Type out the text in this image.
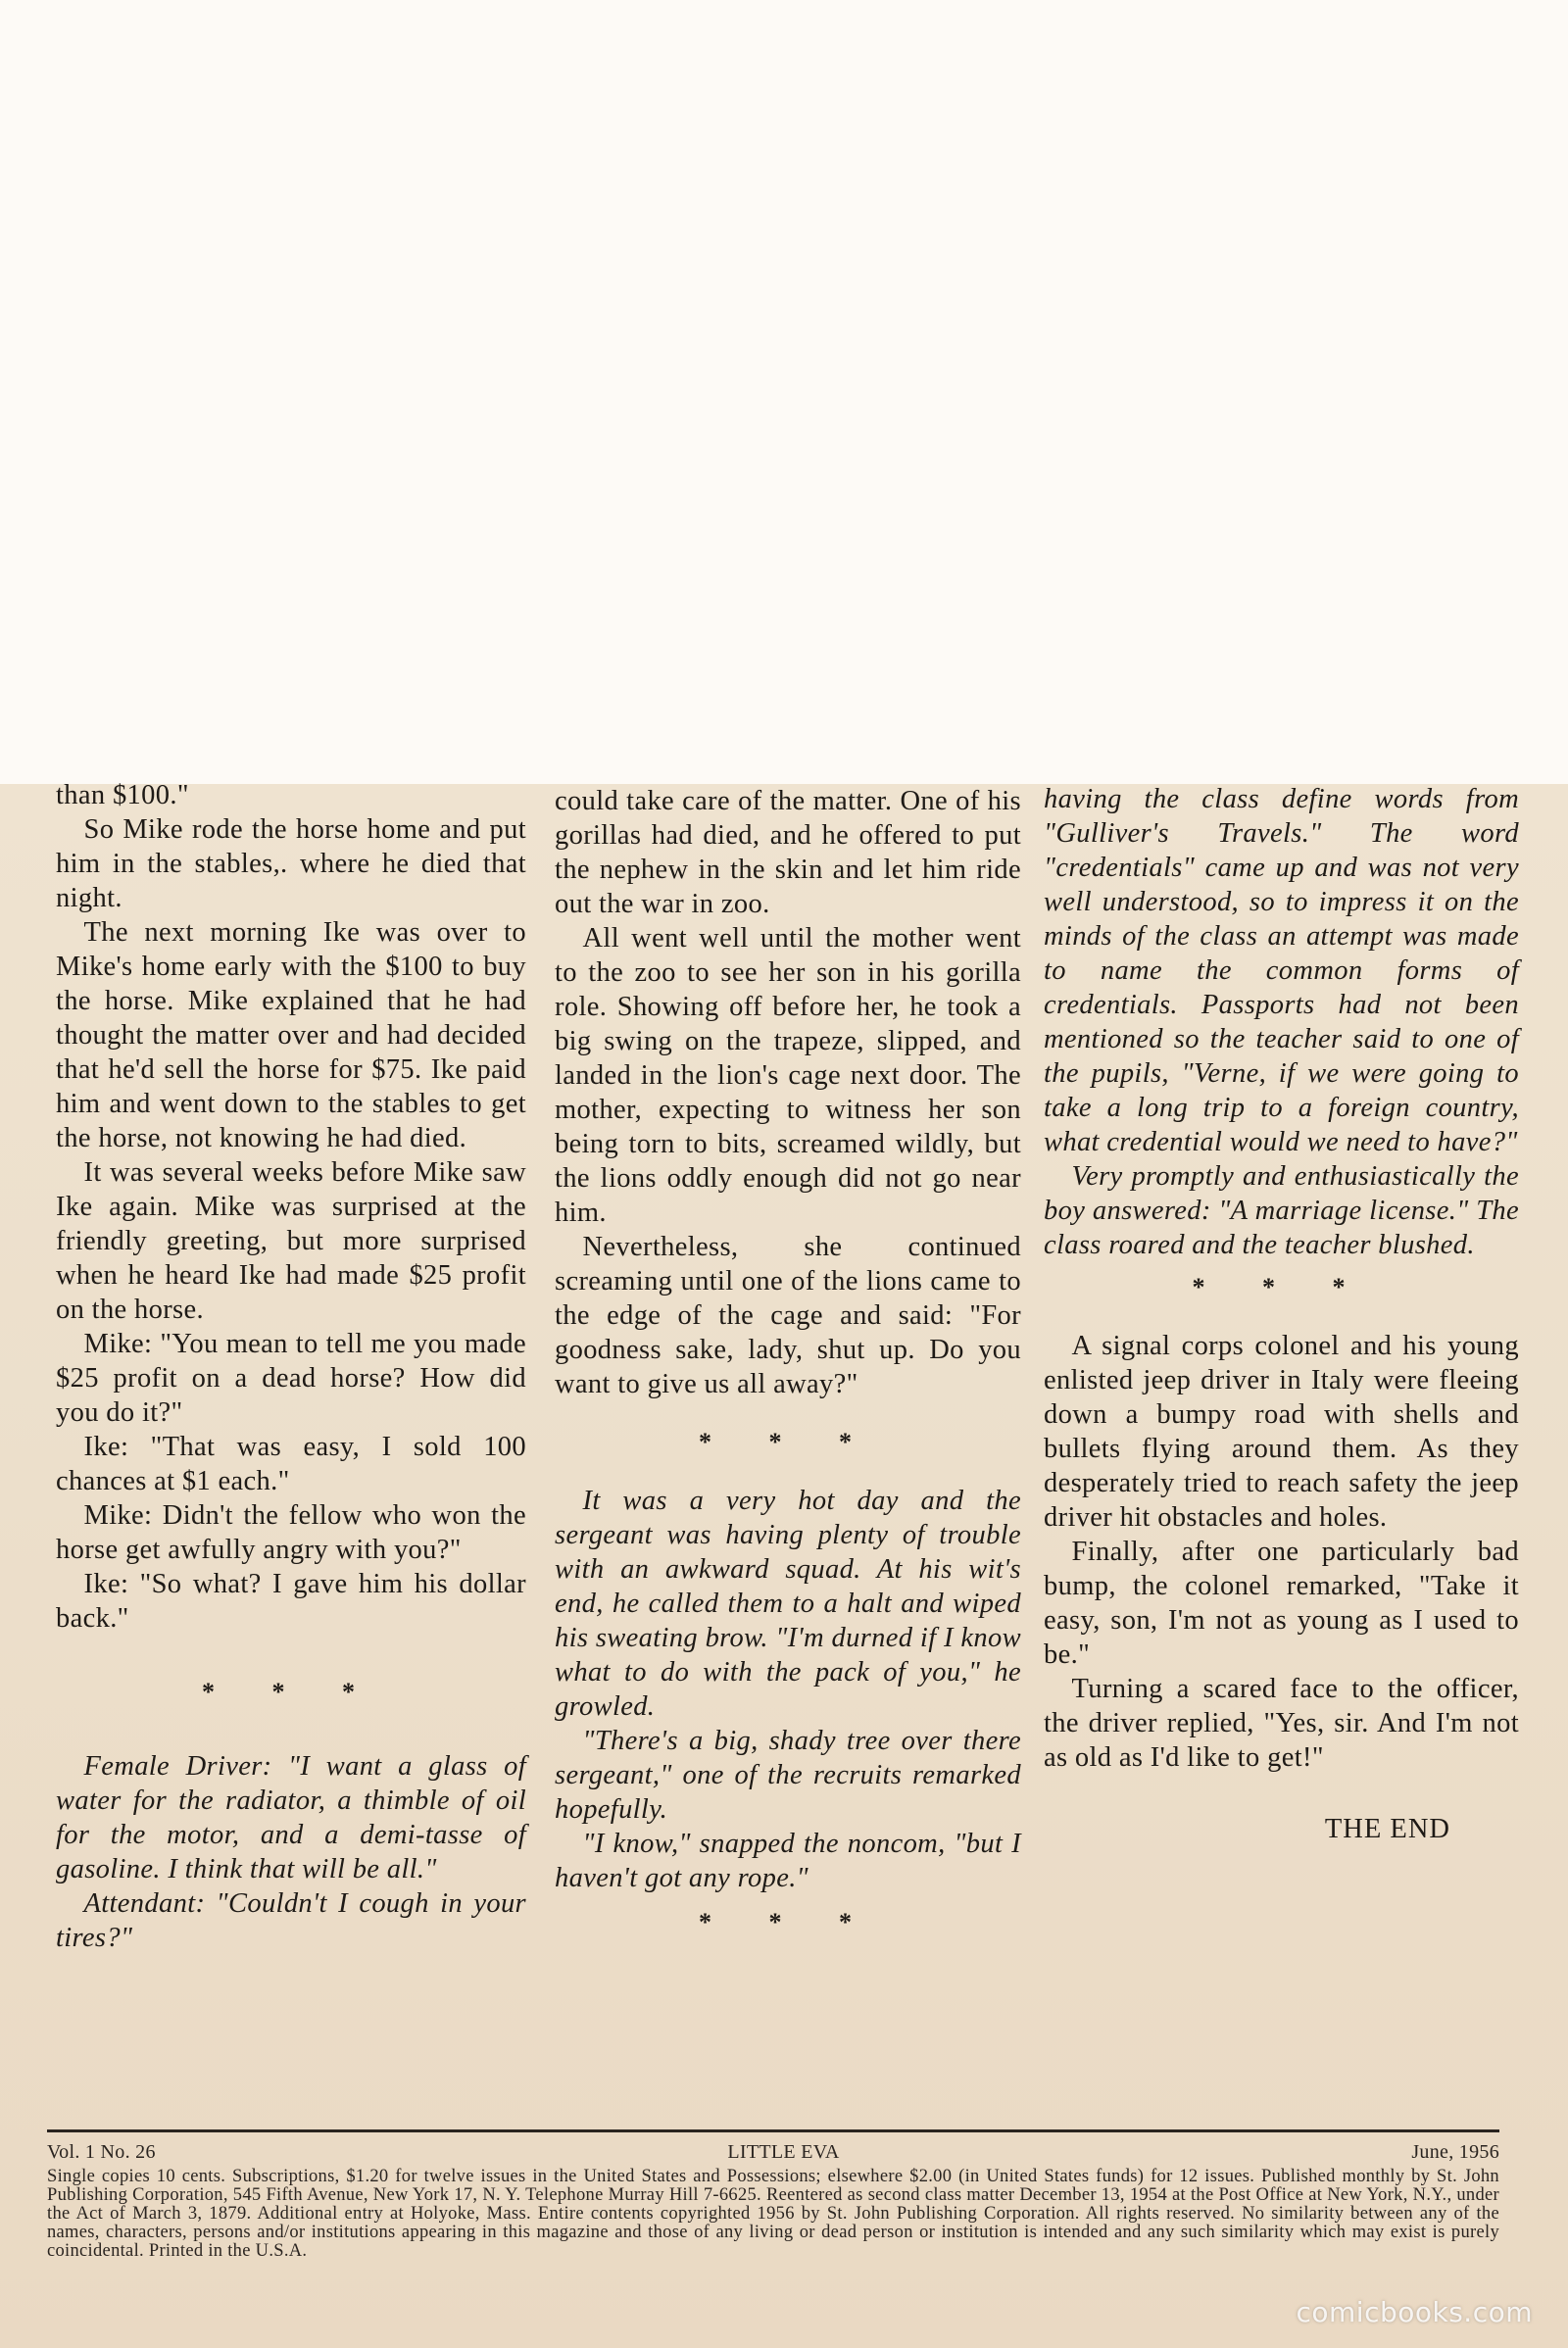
than $100."

So Mike rode the horse home and put him in the stables,. where he died that night.

The next morning Ike was over to Mike's home early with the $100 to buy the horse. Mike explained that he had thought the matter over and had decided that he'd sell the horse for $75. Ike paid him and went down to the stables to get the horse, not knowing he had died.

It was several weeks before Mike saw Ike again. Mike was surprised at the friendly greeting, but more surprised when he heard Ike had made $25 profit on the horse.

Mike: "You mean to tell me you made $25 profit on a dead horse? How did you do it?"

Ike: "That was easy, I sold 100 chances at $1 each."

Mike: Didn't the fellow who won the horse get awfully angry with you?"

Ike: "So what? I gave him his dollar back."

* * *

Female Driver: "I want a glass of water for the radiator, a thimble of oil for the motor, and a demi-tasse of gasoline. I think that will be all."

Attendant: "Couldn't I cough in your tires?"

could take care of the matter. One of his gorillas had died, and he offered to put the nephew in the skin and let him ride out the war in zoo.

All went well until the mother went to the zoo to see her son in his gorilla role. Showing off before her, he took a big swing on the trapeze, slipped, and landed in the lion's cage next door. The mother, expecting to witness her son being torn to bits, screamed wildly, but the lions oddly enough did not go near him.

Nevertheless, she continued screaming until one of the lions came to the edge of the cage and said: "For goodness sake, lady, shut up. Do you want to give us all away?"

* * *

It was a very hot day and the sergeant was having plenty of trouble with an awkward squad. At his wit's end, he called them to a halt and wiped his sweating brow. "I'm durned if I know what to do with the pack of you," he growled.

"There's a big, shady tree over there sergeant," one of the recruits remarked hopefully.

"I know," snapped the noncom, "but I haven't got any rope."

* * *

having the class define words from "Gulliver's Travels." The word "credentials" came up and was not very well understood, so to impress it on the minds of the class an attempt was made to name the common forms of credentials. Passports had not been mentioned so the teacher said to one of the pupils, "Verne, if we were going to take a long trip to a foreign country, what credential would we need to have?"

Very promptly and enthusiastically the boy answered: "A marriage license." The class roared and the teacher blushed.

* * *

A signal corps colonel and his young enlisted jeep driver in Italy were fleeing down a bumpy road with shells and bullets flying around them. As they desperately tried to reach safety the jeep driver hit obstacles and holes.

Finally, after one particularly bad bump, the colonel remarked, "Take it easy, son, I'm not as young as I used to be."

Turning a scared face to the officer, the driver replied, "Yes, sir. And I'm not as old as I'd like to get!"

THE END
Vol. 1 No. 26	LITTLE EVA	June, 1956
Single copies 10 cents. Subscriptions, $1.20 for twelve issues in the United States and Possessions; elsewhere $2.00 (in United States funds) for 12 issues. Published monthly by St. John Publishing Corporation, 545 Fifth Avenue, New York 17, N. Y. Telephone Murray Hill 7-6625. Reentered as second class matter December 13, 1954 at the Post Office at New York, N.Y., under the Act of March 3, 1879. Additional entry at Holyoke, Mass. Entire contents copyrighted 1956 by St. John Publishing Corporation. All rights reserved. No similarity between any of the names, characters, persons and/or institutions appearing in this magazine and those of any living or dead person or institution is intended and any such similarity which may exist is purely coincidental. Printed in the U.S.A.
comicbooks.com
